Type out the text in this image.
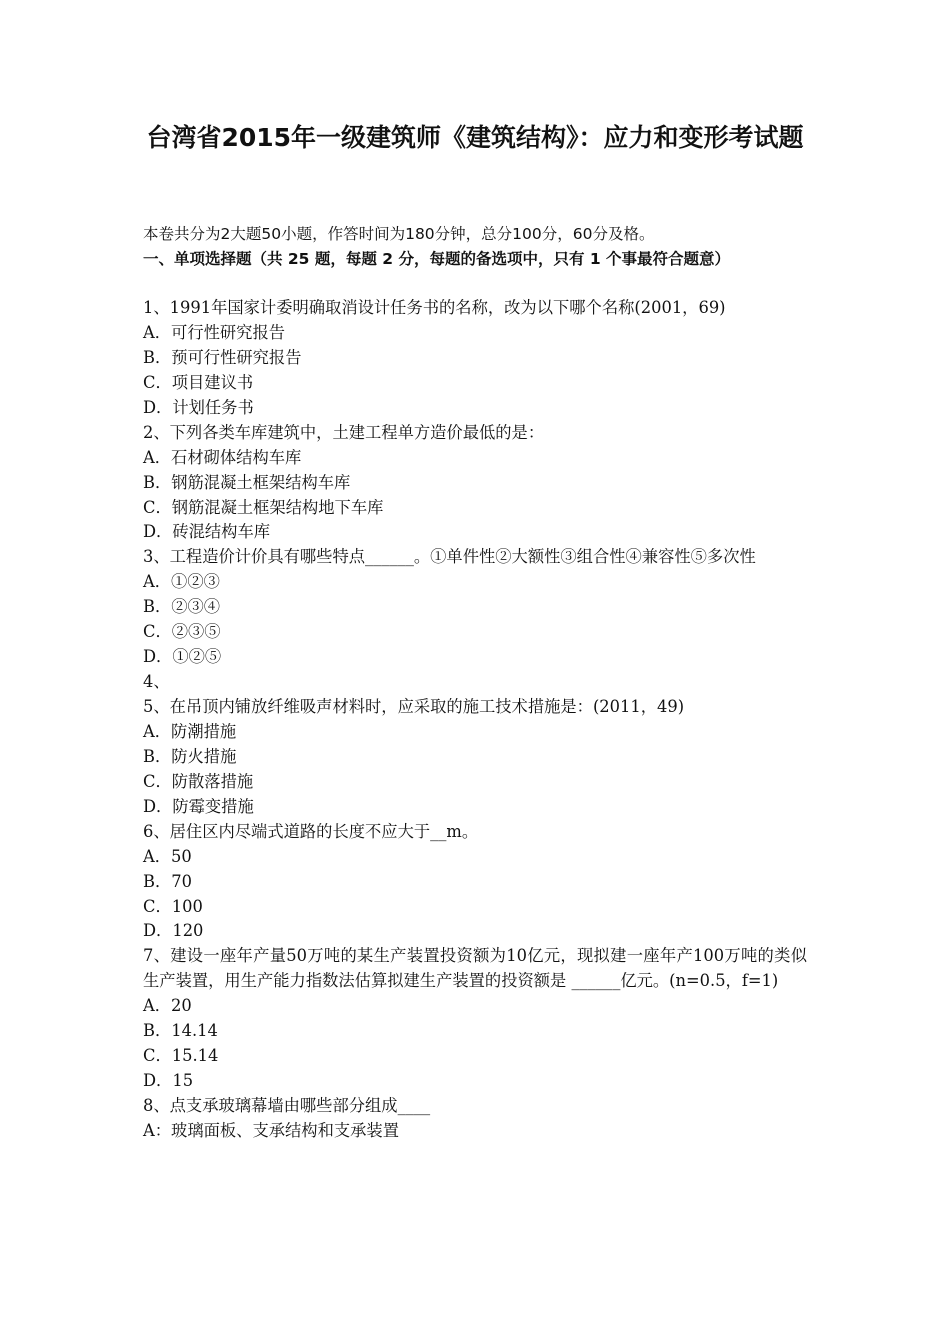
台湾省2015年一级建筑师《建筑结构》：应力和变形考试题

本卷共分为2大题50小题，作答时间为180分钟，总分100分，60分及格。

一、单项选择题（共 25 题，每题 2 分，每题的备选项中，只有 1 个事最符合题意）

1、1991年国家计委明确取消设计任务书的名称，改为以下哪个名称(2001，69)
A．可行性研究报告
B．预可行性研究报告
C．项目建议书
D．计划任务书
2、下列各类车库建筑中，土建工程单方造价最低的是：
A．石材砌体结构车库
B．钢筋混凝土框架结构车库
C．钢筋混凝土框架结构地下车库
D．砖混结构车库
3、工程造价计价具有哪些特点______。①单件性②大额性③组合性④兼容性⑤多次性
A．①②③
B．②③④
C．②③⑤
D．①②⑤
4、
5、在吊顶内铺放纤维吸声材料时，应采取的施工技术措施是：(2011，49)
A．防潮措施
B．防火措施
C．防散落措施
D．防霉变措施
6、居住区内尽端式道路的长度不应大于__m。
A．50
B．70
C．100
D．120
7、建设一座年产量50万吨的某生产装置投资额为10亿元，现拟建一座年产100万吨的类似生产装置，用生产能力指数法估算拟建生产装置的投资额是 ______亿元。(n=0.5，f=1)
A．20
B．14.14
C．15.14
D．15
8、点支承玻璃幕墙由哪些部分组成____
A：玻璃面板、支承结构和支承装置
